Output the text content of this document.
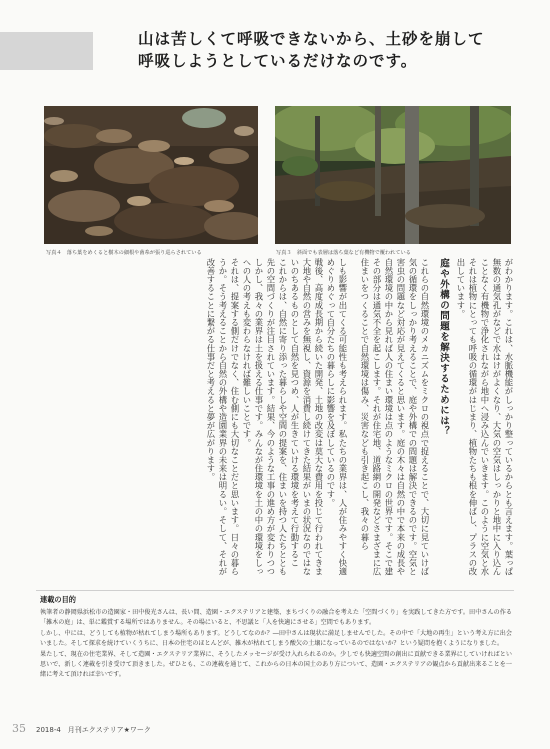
山は苦しくて呼吸できないから、土砂を崩して
呼吸しようとしているだけなのです。
写真４　落ち葉をめくると樹木の細根や菌糸が張り巡らされている	写真３　斜面でも表層は落ち葉など有機物で覆われている
がわかります。これは、水脈機能がしっかり整っているからとも言えます。葉っぱ
無数の通気孔がなどで水はけがよくなり、大気の空気はしっかりと地中に入り込ん
ことなく有機物で浄化されながら地中へ浸み込んでいきます。このように空気と水
それは植物にとっても呼吸の循環がはじまり、植物たちも根を伸ばし、プラスの改
出しています。
庭や外構の問題を解決するためには？
これらの自然環境のメカニズムをミクロの視点で捉えることで、大切に見ていけば
気の循環をしっかり考えることで、庭や外構での問題は解決できるのです。空気と
害虫の問題など対応が見えてくると思います。庭の木々は自然の中で本来の成長や
自然環境の中から見れば人の住まい環境は点のようなミクロの世界です。そこで建
その部分は通気不全を起こします。それが住宅地、道路網の開発などさまざまに広
住まいをつくることで自然環境は傷み、災害なども引き起こし、我々の暮ら
しも影響が出てくる可能性も考えられます。私たちの業界は、人が住みやすく快適
めぐりめぐって自分たちの暮らしに影響を及ぼしているのです。
戦後、高度成長期から続いた開発、土地の改変は莫大な費用を投じて行われてきま
大地や自然の営みを無視し、資源を消費し続けてきた結果がいまの状況なのではな
いのちあるものとして自然を見つめ、人が生きていける環境を考えて行動するこ
これからは、自然に寄り添った暮らしや空間の提案を、住まいを持つ人たちととも
先の空間づくりが注目されています。結果、今のような工事の進め方が変わりつつ
しかし、我々の業界は土を扱える仕事です。みんなが住環境を土の中の環境をしっ
への人の考えも変わらなければ難しいことです。
それは、提案する側だけでなく、住む側にも大切なことだと思います。日々の暮ら
うか。そう考えることから自然の外構や造園業界の未来は明るい。そして、それが
改善することに繋がる仕事だと考えると夢が広がります。
連載の目的
執筆者の静岡県浜松市の造園家・田中俊光さんは、長い間、造園・エクステリアと建築、まちづくりの融合を考えた「空間づくり」を実践してきた方です。田中さんの作る「雑木の庭」は、単に鑑賞する場所ではありません。その場にいると、不思議と「人を快適にさせる」空間でもあります。
しかし、中には、どうしても植物が枯れてしまう場所もあります。どうしてなのか？―田中さんは現状に満足しませんでした。その中で「大地の再生」という考え方に出会いました。そして探求を続けていくうちに、日本の住宅のほとんどが、雑木が枯れてしまう酸欠の土壌になっているのではないか？という疑問を抱くようになりました。
果たして、現在の住宅業界、そして造園・エクステリア業界に、そうしたメッセージが受け入れられるのか。少しでも快適空間の創出に貢献できる業界にしていければとい思いで、新しく連載を引き受けて頂きました。ぜひとも、この連載を通じて、これからの日本の国土のあり方について、造園・エクステリアの観点から貢献出来ることを一緒に考えて頂ければ幸いです。
35 2018-4　月刊エクステリア★ワーク
